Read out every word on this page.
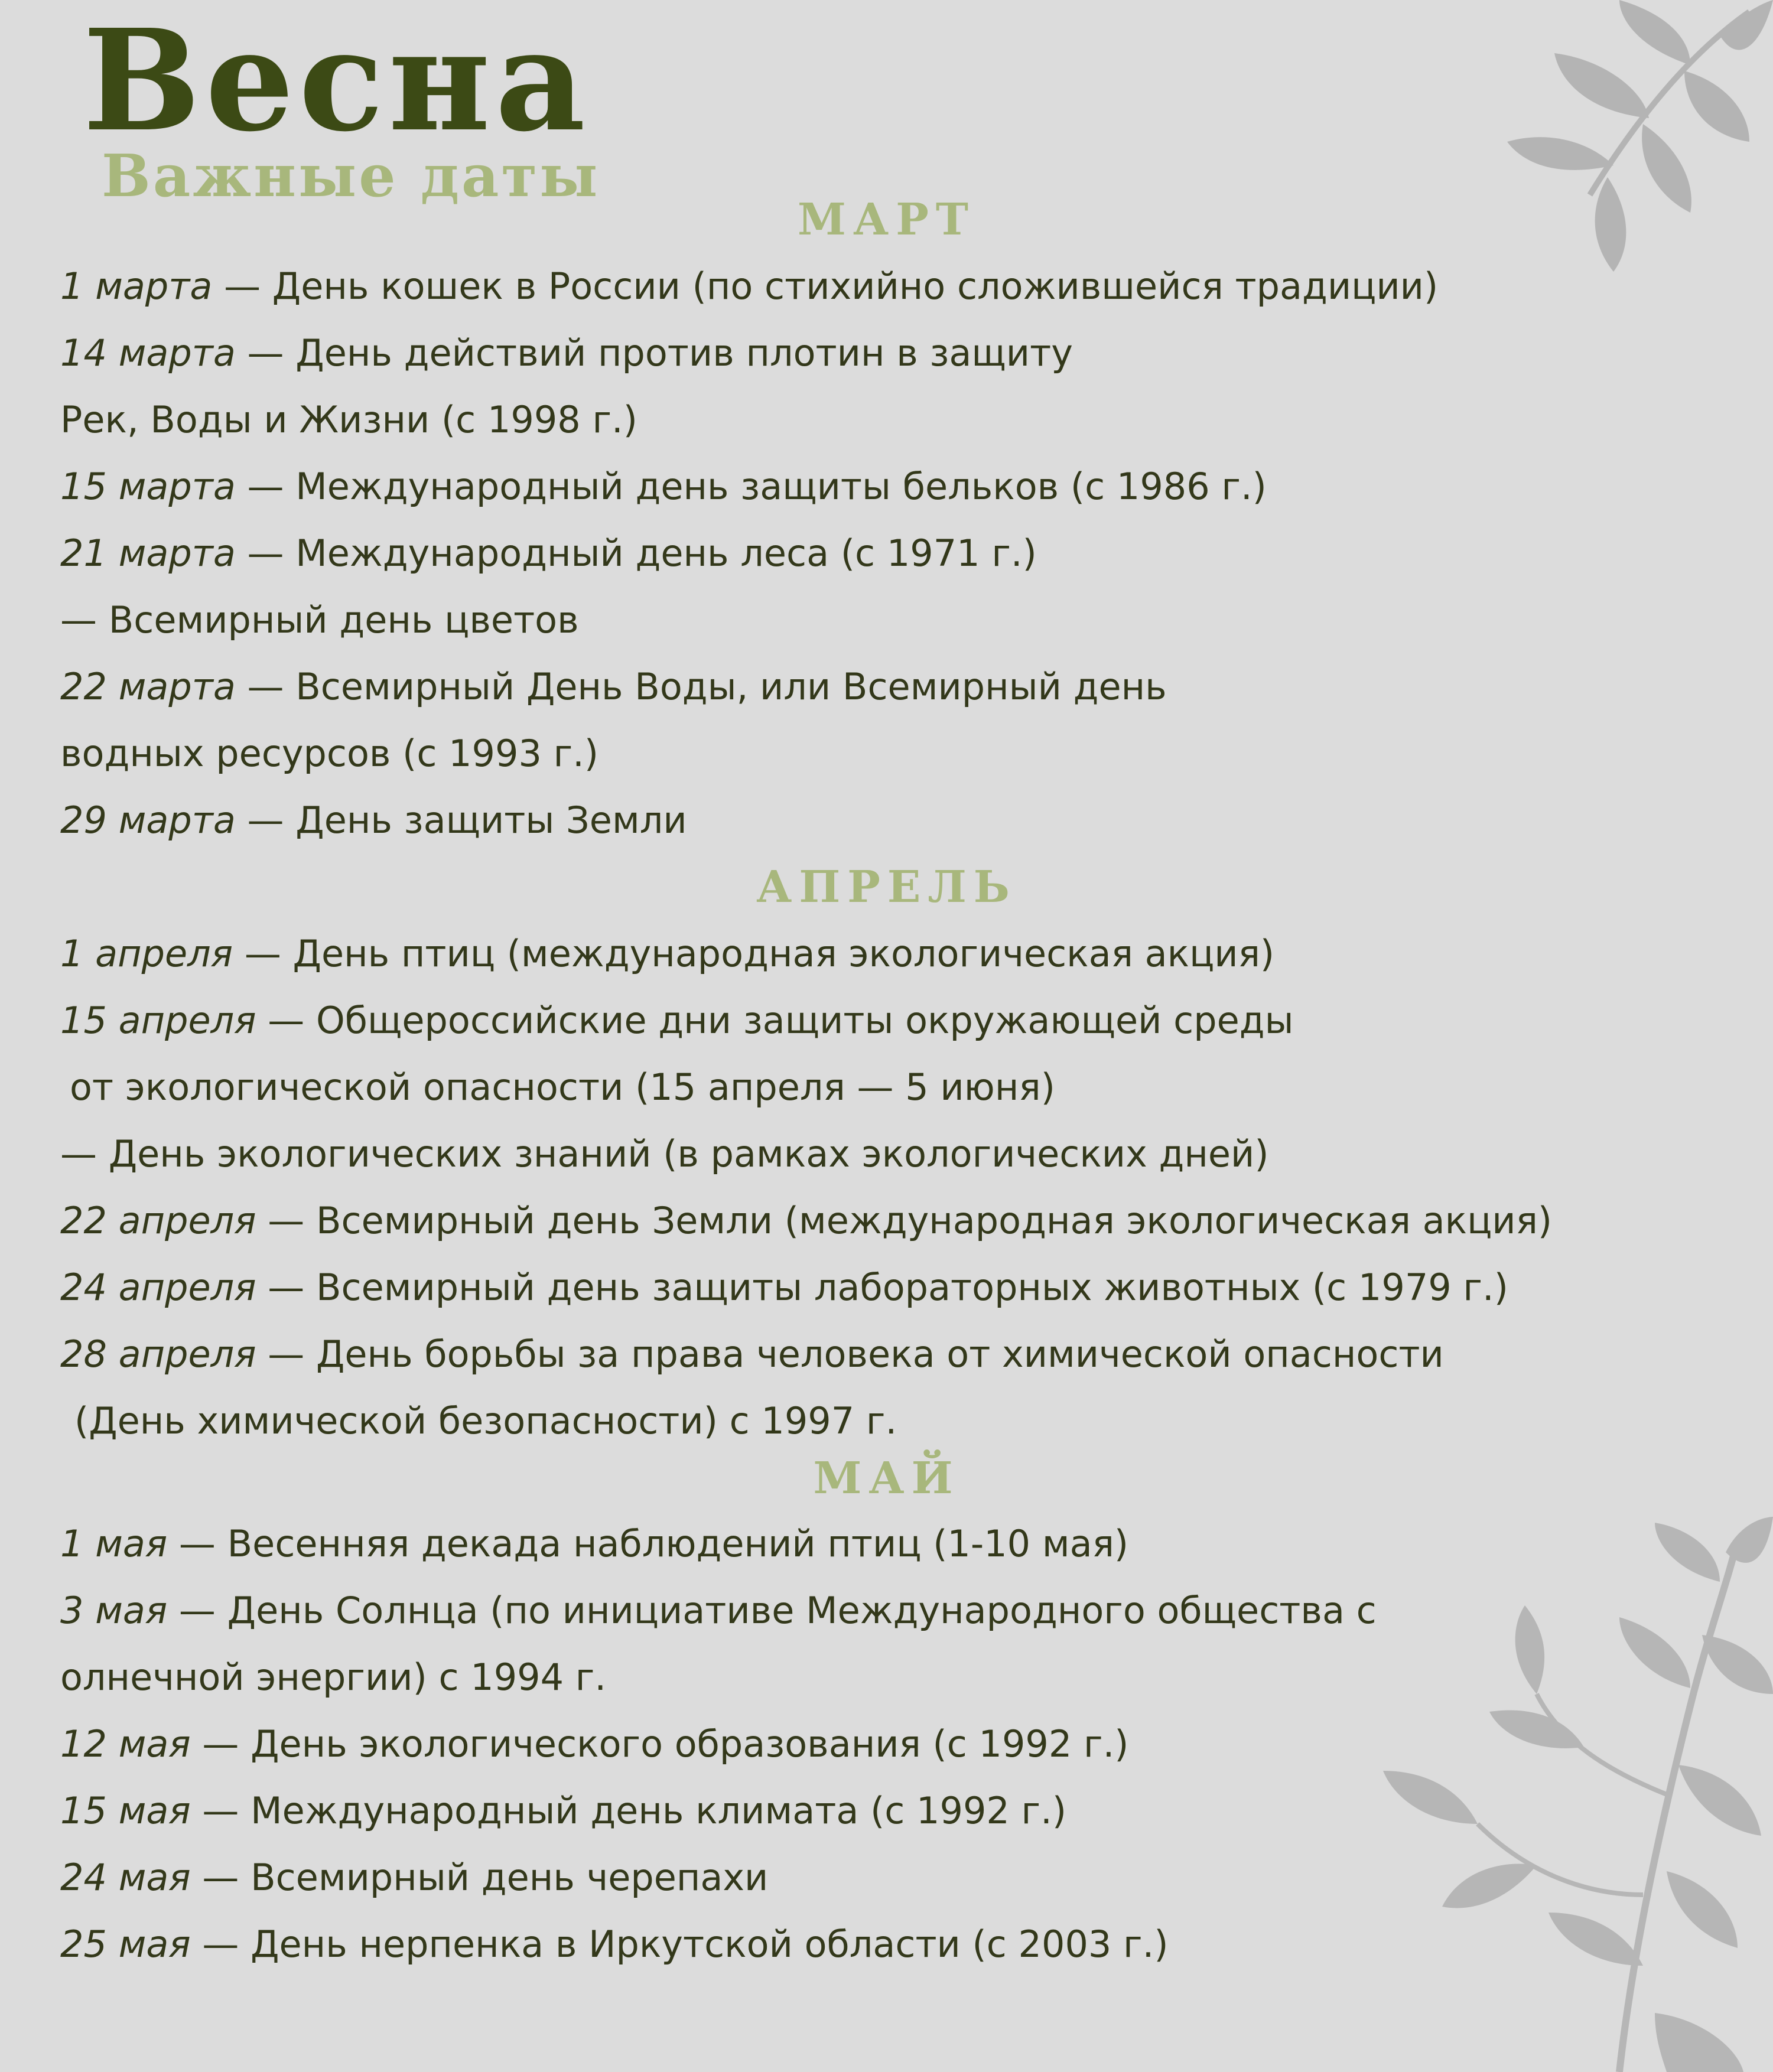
Весна
Важные даты
МАРТ
1 марта — День кошек в России (по стихийно сложившейся традиции)
14 марта — День действий против плотин в защиту
Рек, Воды и Жизни (с 1998 г.)
15 марта — Международный день защиты бельков (с 1986 г.)
21 марта — Международный день леса (с 1971 г.)
— Всемирный день цветов
22 марта — Всемирный День Воды, или Всемирный день
водных ресурсов (с 1993 г.)
29 марта — День защиты Земли
АПРЕЛЬ
1 апреля — День птиц (международная экологическая акция)
15 апреля — Общероссийские дни защиты окружающей среды
от экологической опасности (15 апреля — 5 июня)
— День экологических знаний (в рамках экологических дней)
22 апреля — Всемирный день Земли (международная экологическая акция)
24 апреля — Всемирный день защиты лабораторных животных (с 1979 г.)
28 апреля — День борьбы за права человека от химической опасности
(День химической безопасности) с 1997 г.
МАЙ
1 мая — Весенняя декада наблюдений птиц (1-10 мая)
3 мая — День Солнца (по инициативе Международного общества с
олнечной энергии) с 1994 г.
12 мая — День экологического образования (с 1992 г.)
15 мая — Международный день климата (с 1992 г.)
24 мая — Всемирный день черепахи
25 мая — День нерпенка в Иркутской области (с 2003 г.)
